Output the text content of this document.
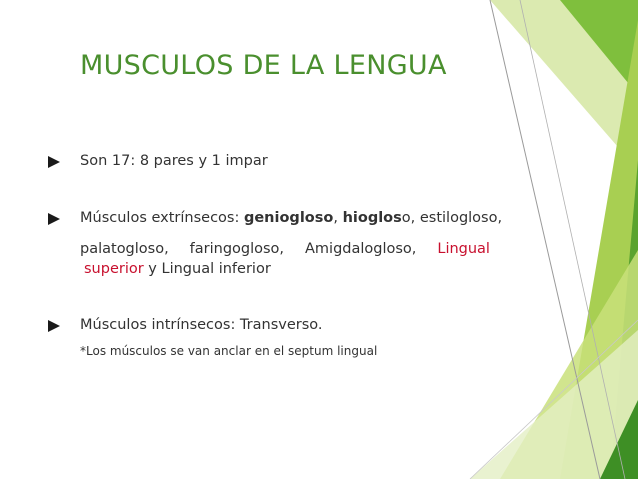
MUSCULOS DE LA LENGUA
Son 17: 8 pares y 1 impar
Músculos extrínsecos: geniogloso, hiogloso, estilogloso,
palatogloso, faringogloso, Amigdalogloso, Lingual
superior y Lingual inferior
Músculos intrínsecos: Transverso.
*Los músculos se van anclar en el septum lingual
